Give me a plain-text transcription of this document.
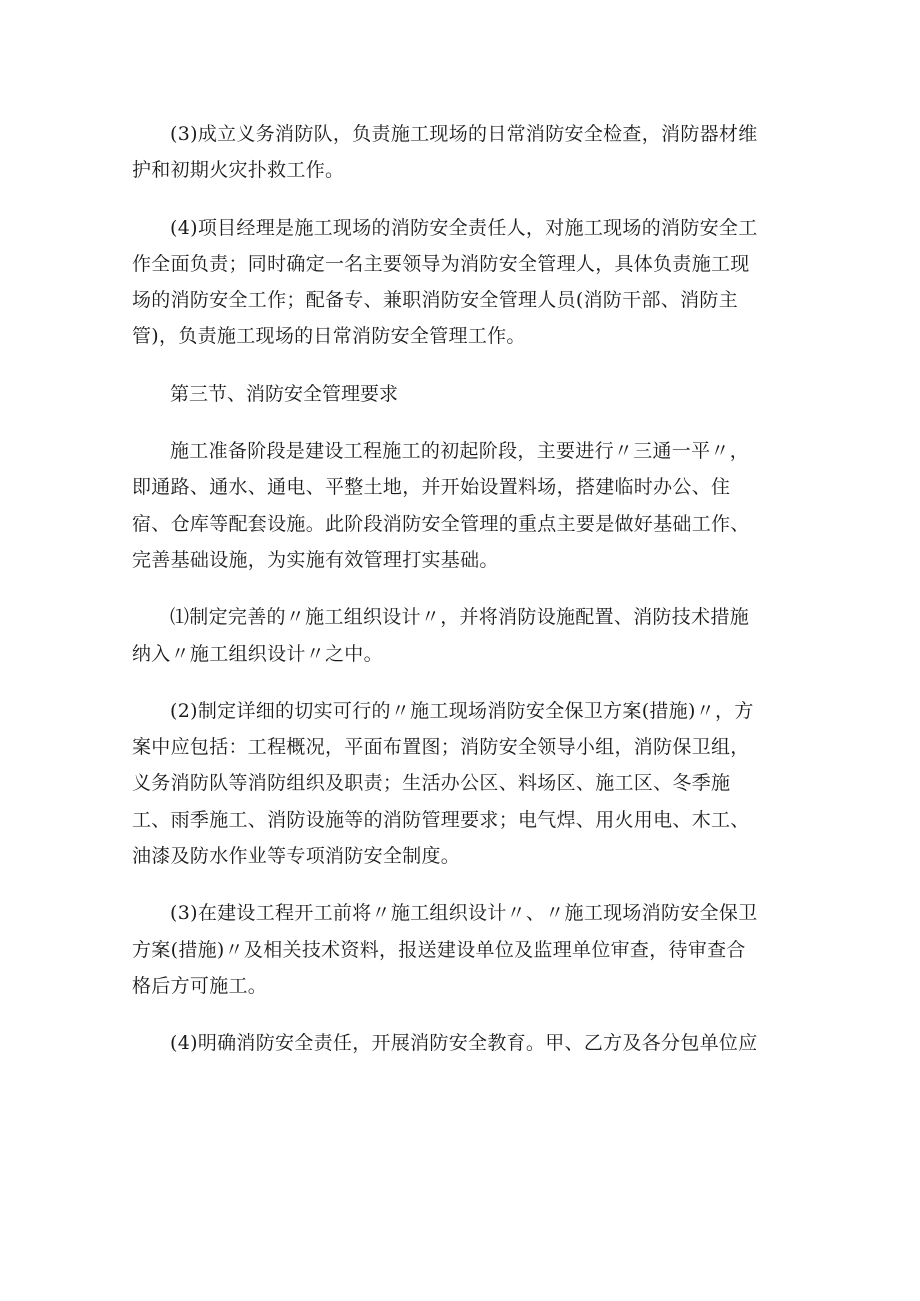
(3)成立义务消防队，负责施工现场的日常消防安全检查，消防器材维
护和初期火灾扑救工作。

(4)项目经理是施工现场的消防安全责任人，对施工现场的消防安全工
作全面负责；同时确定一名主要领导为消防安全管理人，具体负责施工现
场的消防安全工作；配备专、兼职消防安全管理人员(消防干部、消防主
管)，负责施工现场的日常消防安全管理工作。

第三节、消防安全管理要求

施工准备阶段是建设工程施工的初起阶段，主要进行〃三通一平〃，
即通路、通水、通电、平整土地，并开始设置料场，搭建临时办公、住
宿、仓库等配套设施。此阶段消防安全管理的重点主要是做好基础工作、
完善基础设施，为实施有效管理打实基础。

⑴制定完善的〃施工组织设计〃，并将消防设施配置、消防技术措施
纳入〃施工组织设计〃之中。

(2)制定详细的切实可行的〃施工现场消防安全保卫方案(措施)〃，方
案中应包括：工程概况，平面布置图；消防安全领导小组，消防保卫组，
义务消防队等消防组织及职责；生活办公区、料场区、施工区、冬季施
工、雨季施工、消防设施等的消防管理要求；电气焊、用火用电、木工、
油漆及防水作业等专项消防安全制度。

(3)在建设工程开工前将〃施工组织设计〃、〃施工现场消防安全保卫
方案(措施)〃及相关技术资料，报送建设单位及监理单位审查，待审查合
格后方可施工。

(4)明确消防安全责任，开展消防安全教育。甲、乙方及各分包单位应
